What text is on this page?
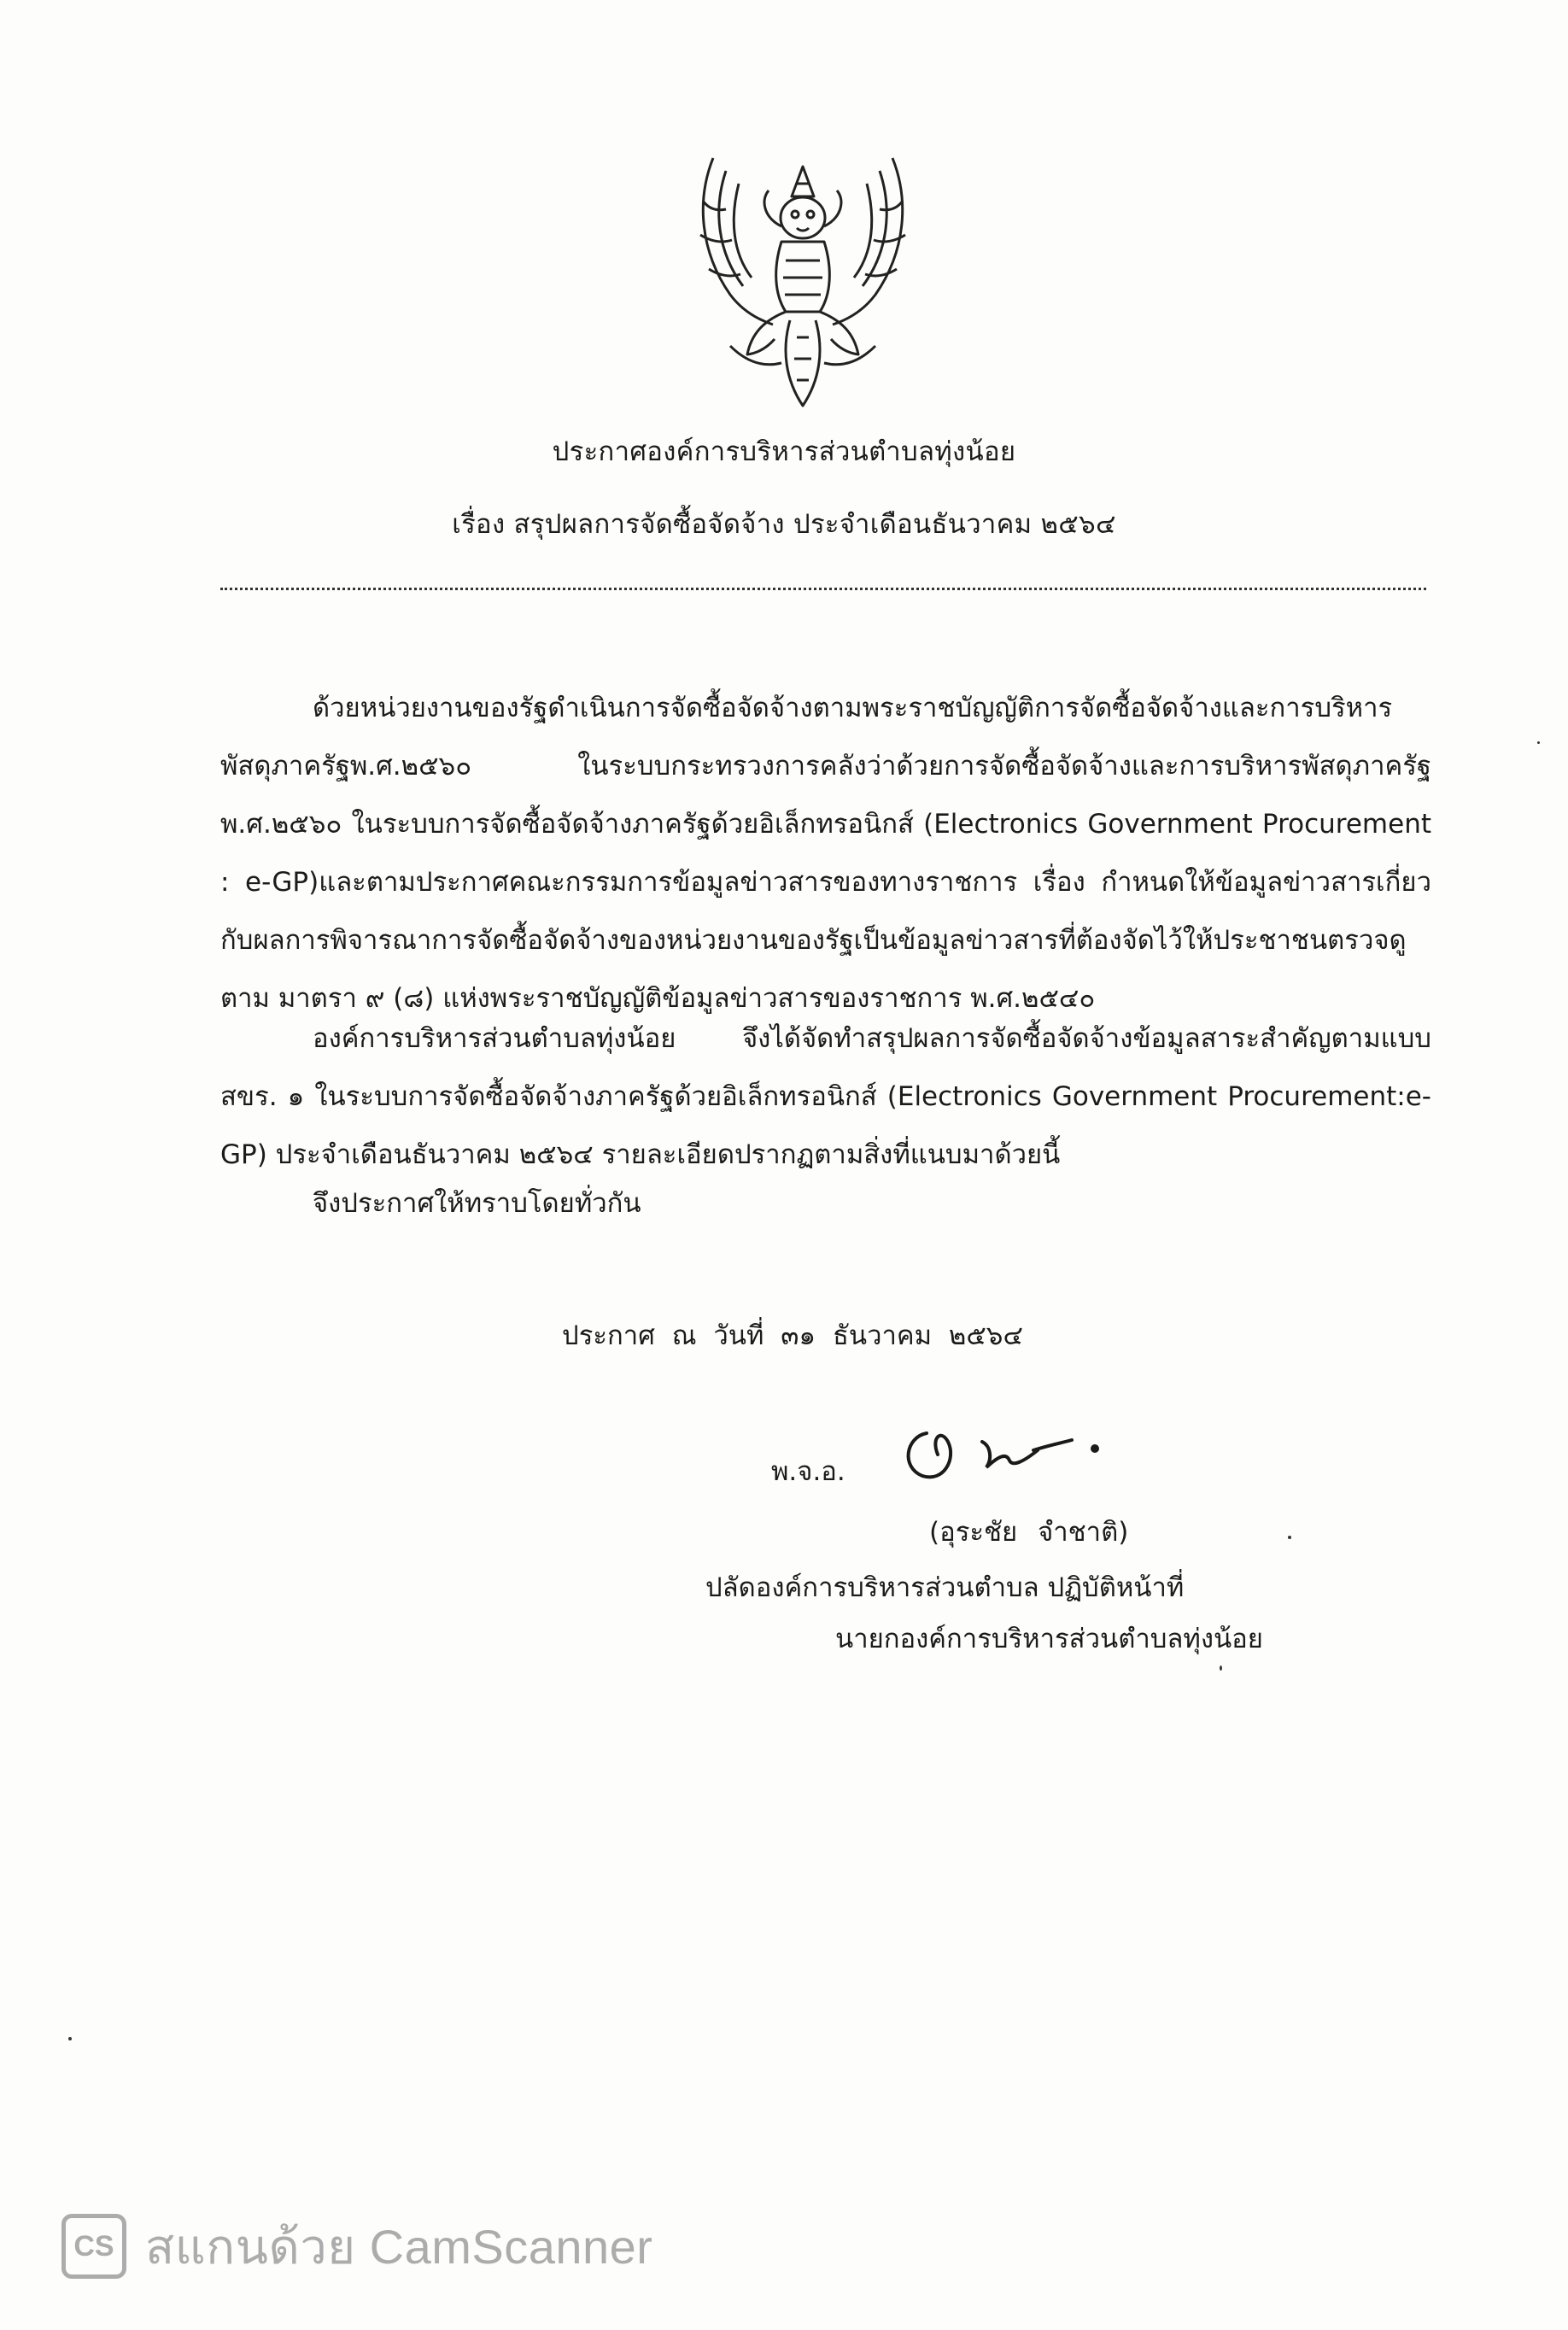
ประกาศองค์การบริหารส่วนตำบลทุ่งน้อย
เรื่อง สรุปผลการจัดซื้อจัดจ้าง ประจำเดือนธันวาคม ๒๕๖๔

ด้วยหน่วยงานของรัฐดำเนินการจัดซื้อจัดจ้างตามพระราชบัญญัติการจัดซื้อจัดจ้างและการบริหารพัสดุภาครัฐพ.ศ.๒๕๖๐ ในระบบกระทรวงการคลังว่าด้วยการจัดซื้อจัดจ้างและการบริหารพัสดุภาครัฐ พ.ศ.๒๕๖๐ ในระบบการจัดซื้อจัดจ้างภาครัฐด้วยอิเล็กทรอนิกส์ (Electronics Government Procurement : e-GP)และตามประกาศคณะกรรมการข้อมูลข่าวสารของทางราชการ เรื่อง กำหนดให้ข้อมูลข่าวสารเกี่ยวกับผลการพิจารณาการจัดซื้อจัดจ้างของหน่วยงานของรัฐเป็นข้อมูลข่าวสารที่ต้องจัดไว้ให้ประชาชนตรวจดูตาม มาตรา ๙ (๘) แห่งพระราชบัญญัติข้อมูลข่าวสารของราชการ พ.ศ.๒๕๔๐

องค์การบริหารส่วนตำบลทุ่งน้อย จึงได้จัดทำสรุปผลการจัดซื้อจัดจ้างข้อมูลสาระสำคัญตามแบบ สขร. ๑ ในระบบการจัดซื้อจัดจ้างภาครัฐด้วยอิเล็กทรอนิกส์ (Electronics Government Procurement:e-GP) ประจำเดือนธันวาคม ๒๕๖๔ รายละเอียดปรากฏตามสิ่งที่แนบมาด้วยนี้

จึงประกาศให้ทราบโดยทั่วกัน
ประกาศ ณ วันที่ ๓๑ ธันวาคม ๒๕๖๔
พ.จ.อ.
(อุระชัย จำชาติ)
ปลัดองค์การบริหารส่วนตำบล ปฏิบัติหน้าที่
นายกองค์การบริหารส่วนตำบลทุ่งน้อย
CS สแกนด้วย CamScanner
